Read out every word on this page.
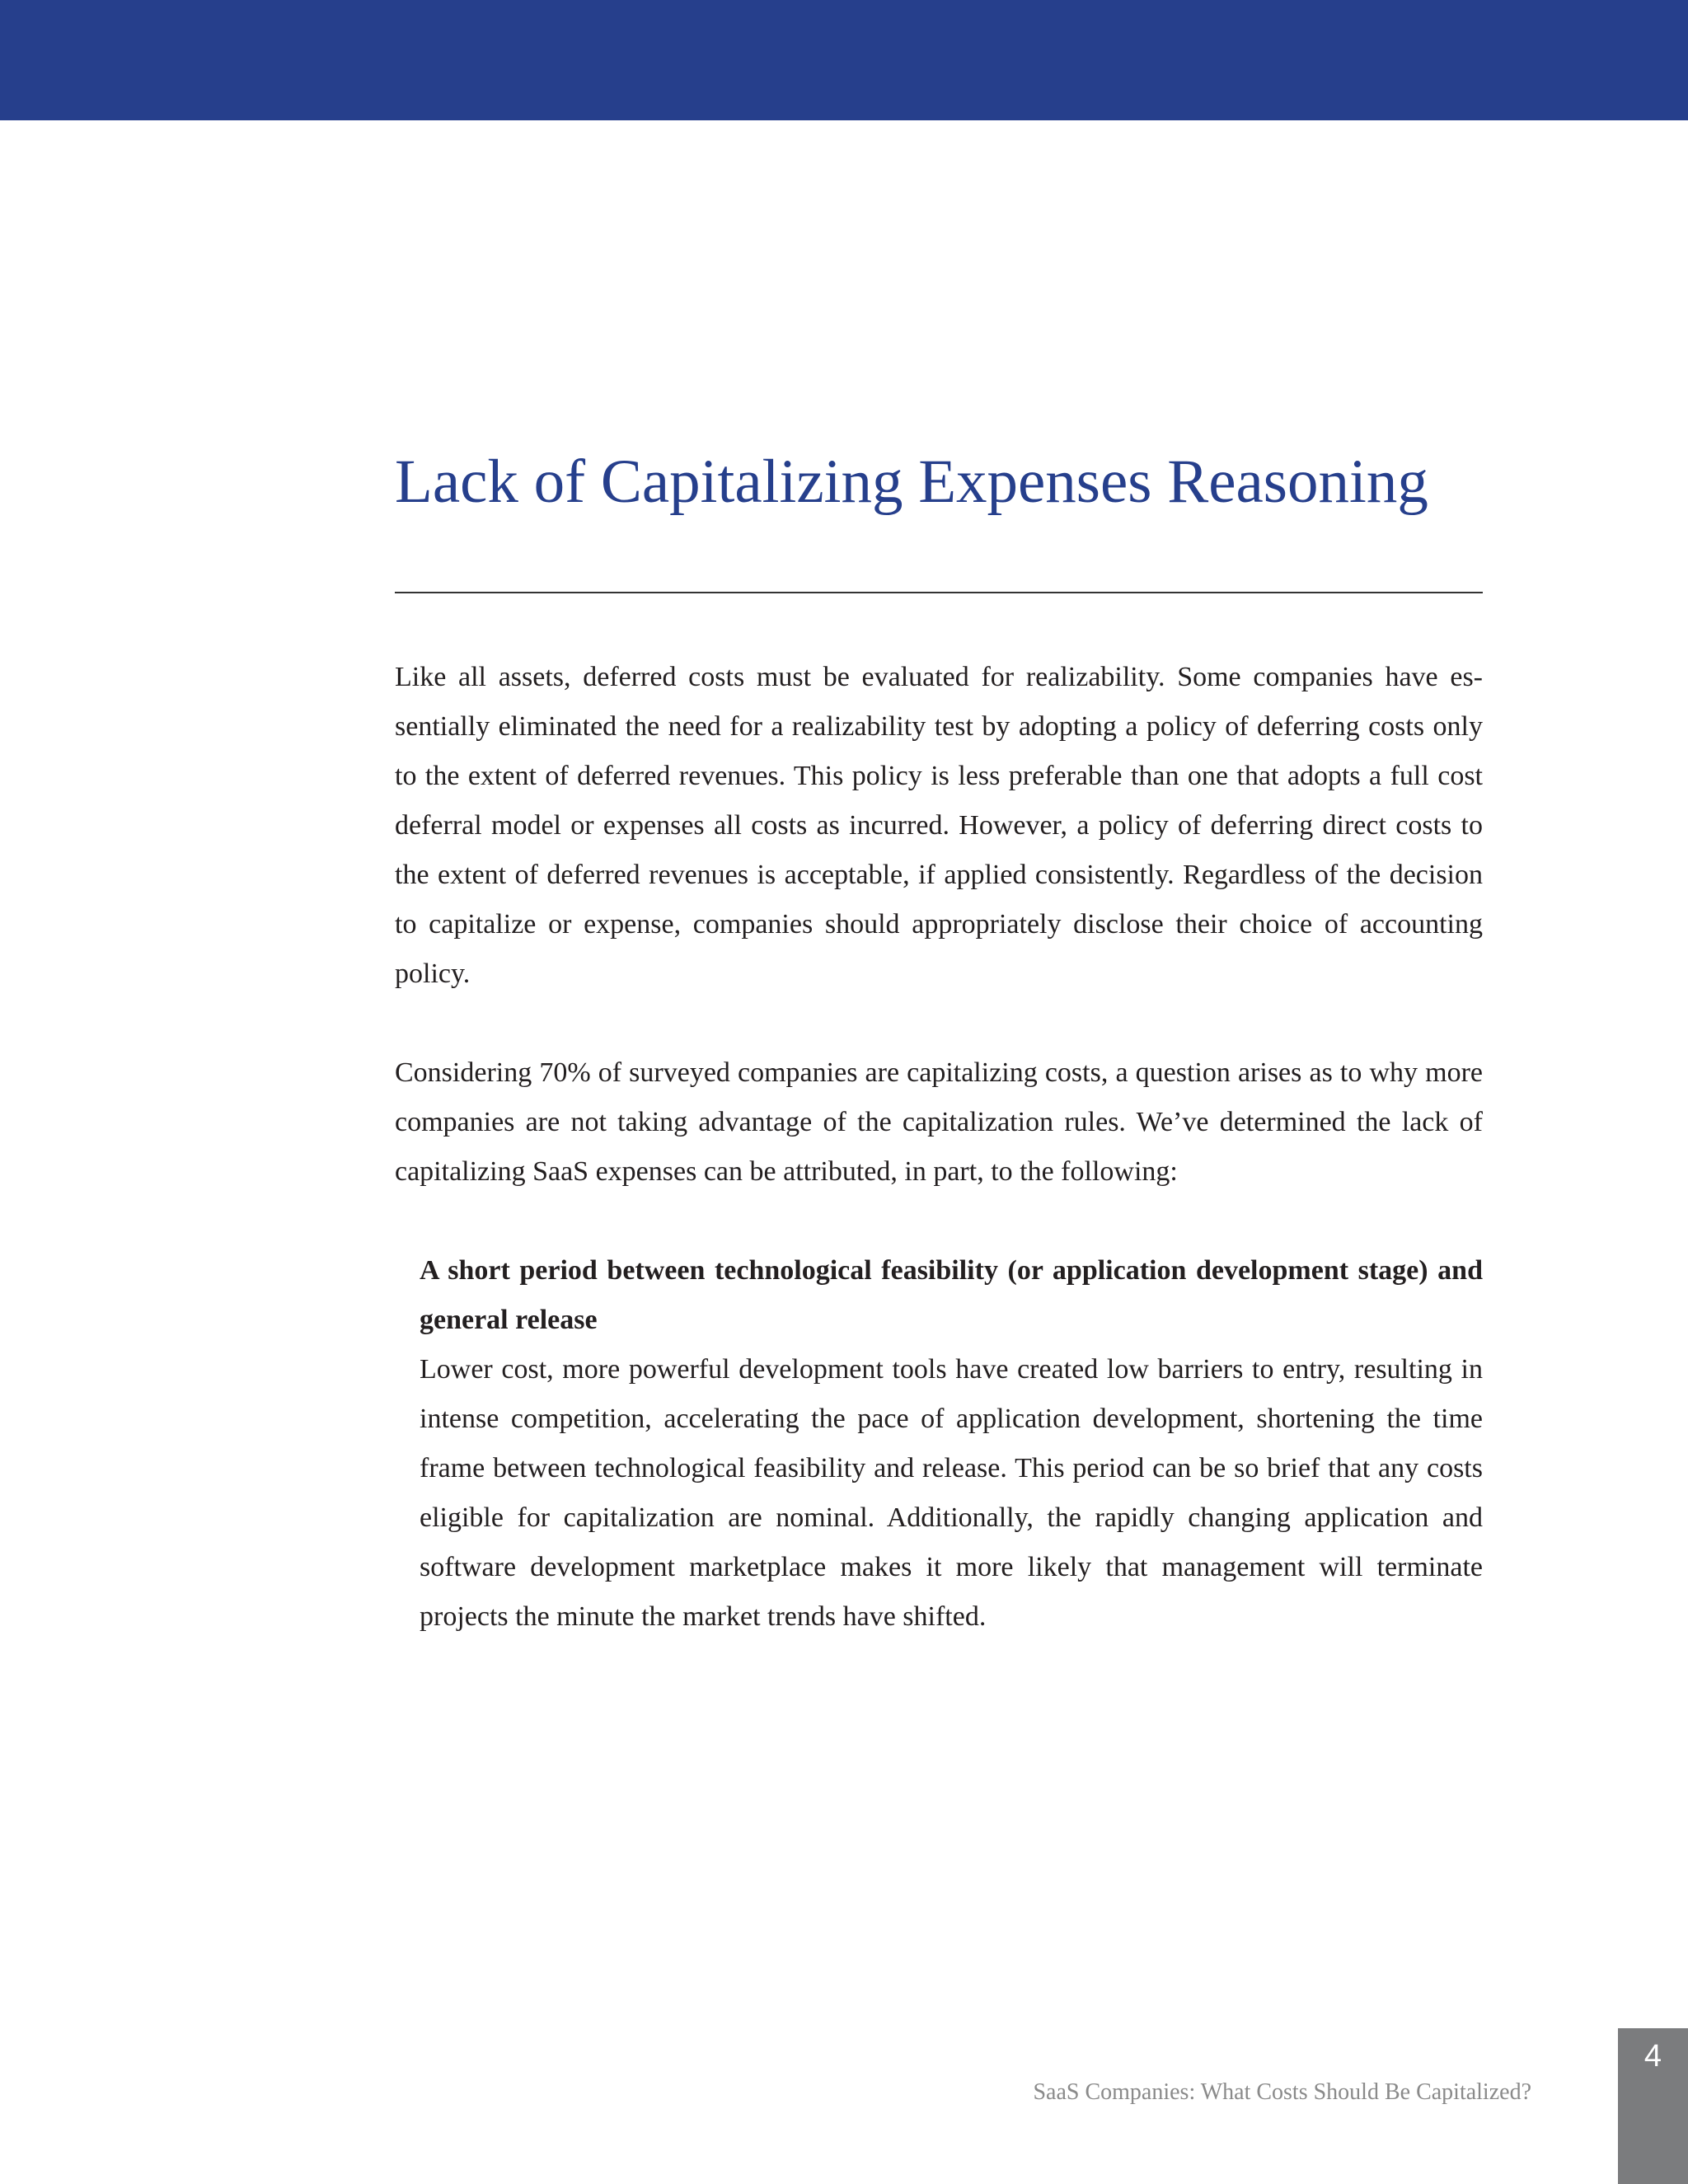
Lack of Capitalizing Expenses Reasoning

Like all assets, deferred costs must be evaluated for realizability. Some companies have essentially eliminated the need for a realizability test by adopting a policy of deferring costs only to the extent of deferred revenues. This policy is less preferable than one that adopts a full cost deferral model or expenses all costs as incurred. However, a policy of deferring direct costs to the extent of deferred revenues is acceptable, if applied consistently. Regardless of the decision to capitalize or expense, companies should appropriately disclose their choice of accounting policy.

Considering 70% of surveyed companies are capitalizing costs, a question arises as to why more companies are not taking advantage of the capitalization rules. We’ve determined the lack of capitalizing SaaS expenses can be attributed, in part, to the following:

A short period between technological feasibility (or application development stage) and general release

Lower cost, more powerful development tools have created low barriers to entry, resulting in intense competition, accelerating the pace of application development, shortening the time frame between technological feasibility and release. This period can be so brief that any costs eligible for capitalization are nominal. Additionally, the rapidly changing application and software development marketplace makes it more likely that management will terminate projects the minute the market trends have shifted.

SaaS Companies: What Costs Should Be Capitalized?
4
